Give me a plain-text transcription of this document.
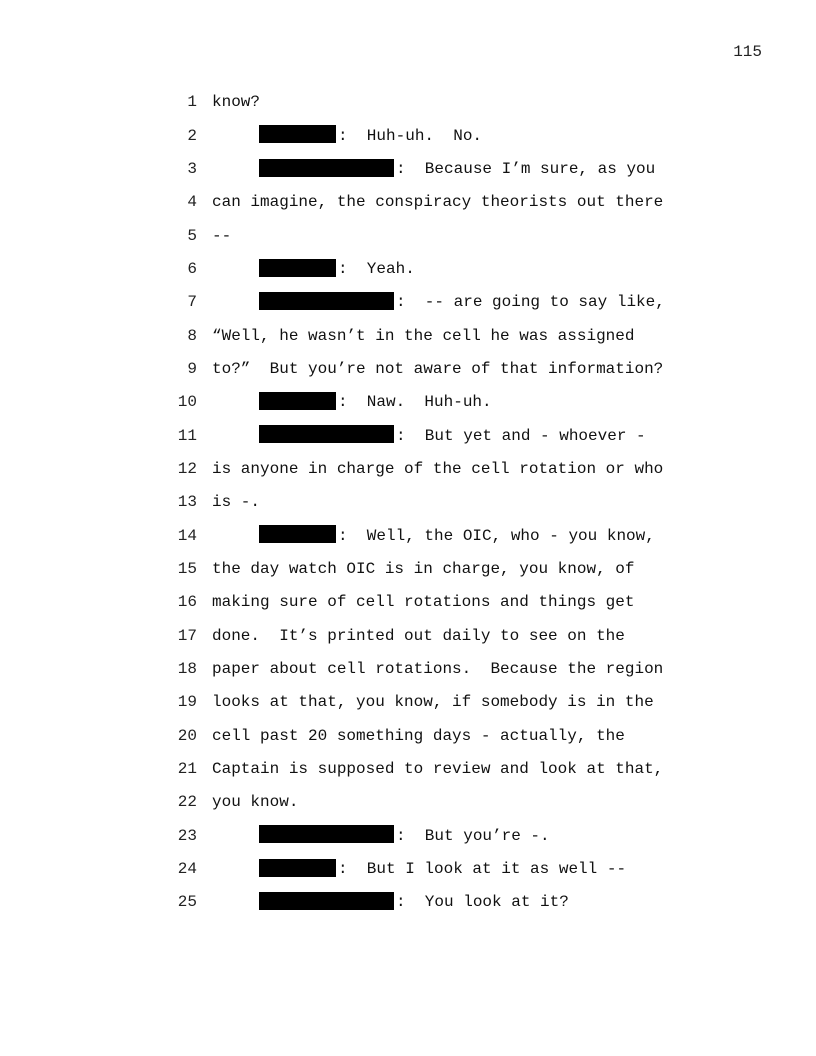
115
1 know?
2	:  Huh-uh.  No.
3	:  Because I’m sure, as you
4 can imagine, the conspiracy theorists out there
5 --
6	:  Yeah.
7	:  -- are going to say like,
8 “Well, he wasn’t in the cell he was assigned
9 to?”  But you’re not aware of that information?
10	:  Naw.  Huh-uh.
11	:  But yet and - whoever -
12 is anyone in charge of the cell rotation or who
13 is -.
14	:  Well, the OIC, who - you know,
15 the day watch OIC is in charge, you know, of
16 making sure of cell rotations and things get
17 done.  It’s printed out daily to see on the
18 paper about cell rotations.  Because the region
19 looks at that, you know, if somebody is in the
20 cell past 20 something days - actually, the
21 Captain is supposed to review and look at that,
22 you know.
23	:  But you’re -.
24	:  But I look at it as well --
25	:  You look at it?
